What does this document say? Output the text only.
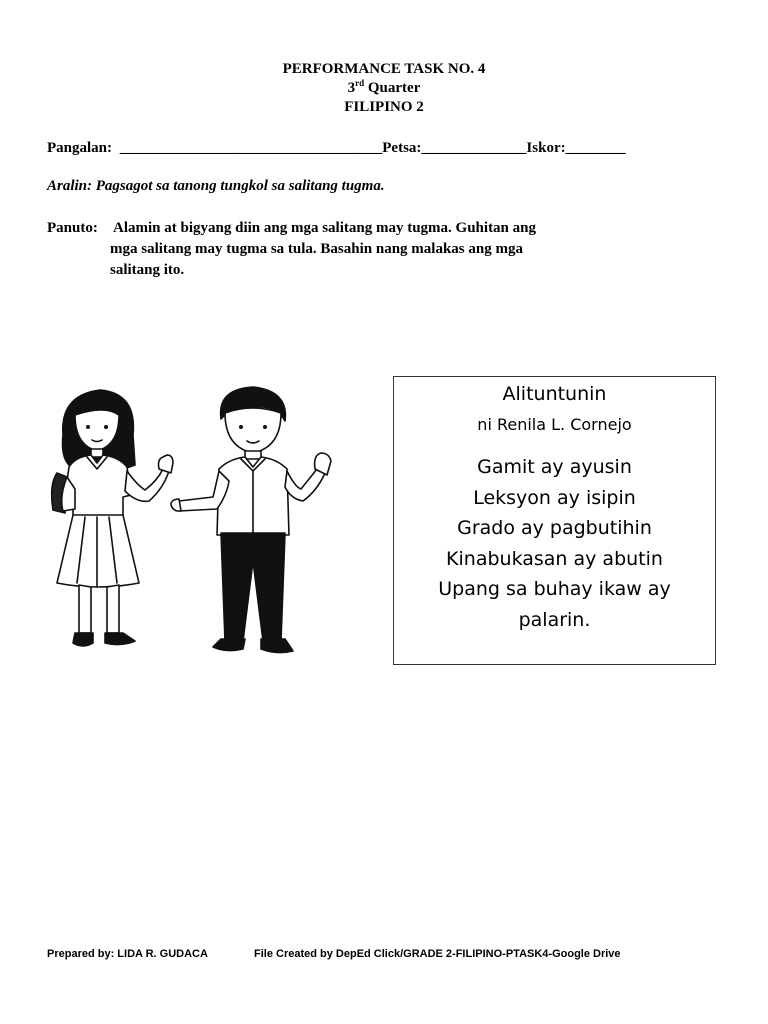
PERFORMANCE TASK NO. 4
3rd Quarter
FILIPINO 2
Pangalan: ___________________________________Petsa:______________Iskor:________
Aralin: Pagsagot sa tanong tungkol sa salitang tugma.
Panuto: Alamin at bigyang diin ang mga salitang may tugma. Guhitan ang
mga salitang may tugma sa tula. Basahin nang malakas ang mga
salitang ito.
Alituntunin
ni Renila L. Cornejo
Gamit ay ayusin
Leksyon ay isipin
Grado ay pagbutihin
Kinabukasan ay abutin
Upang sa buhay ikaw ay
palarin.
Prepared by: LIDA R. GUDACA	File Created by DepEd Click/GRADE 2-FILIPINO-PTASK4-Google Drive
